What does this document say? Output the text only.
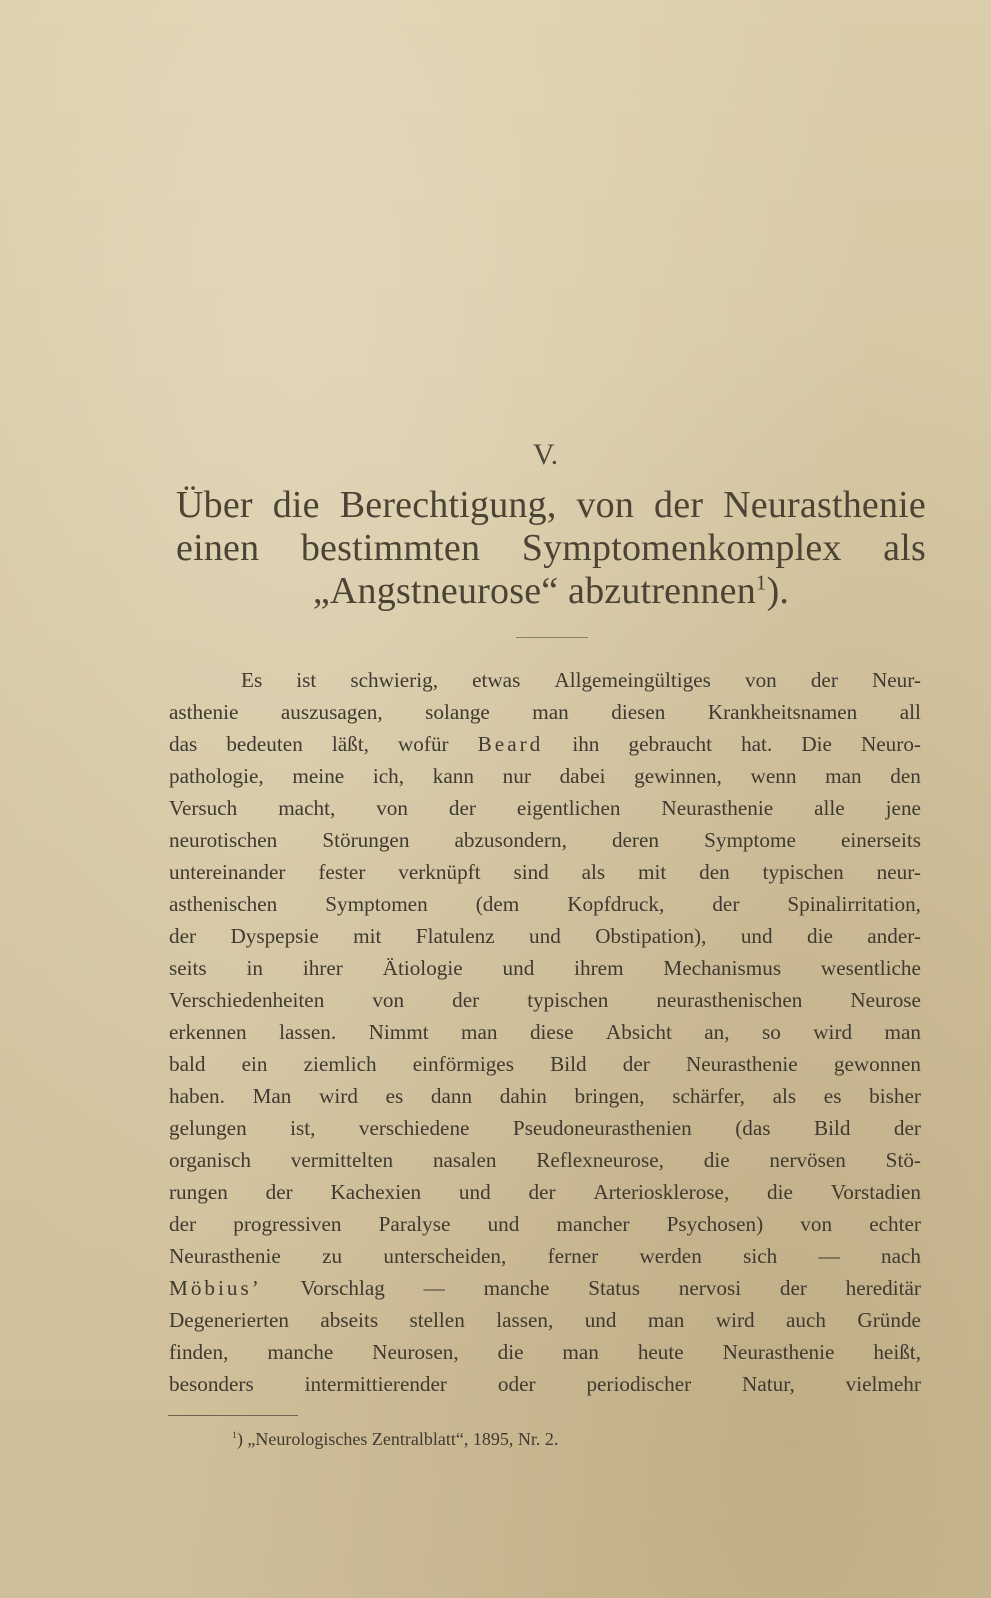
V.
Über die Berechtigung, von der Neurasthenie
einen bestimmten Symptomenkomplex als
„Angstneurose“ abzutrennen$^1$).
Es ist schwierig, etwas Allgemeingültiges von der Neur-
asthenie auszusagen, solange man diesen Krankheitsnamen all
das bedeuten läßt, wofür Beard ihn gebraucht hat. Die Neuro-
pathologie, meine ich, kann nur dabei gewinnen, wenn man den
Versuch macht, von der eigentlichen Neurasthenie alle jene
neurotischen Störungen abzusondern, deren Symptome einerseits
untereinander fester verknüpft sind als mit den typischen neur-
asthenischen Symptomen (dem Kopfdruck, der Spinalirritation,
der Dyspepsie mit Flatulenz und Obstipation), und die ander-
seits in ihrer Ätiologie und ihrem Mechanismus wesentliche
Verschiedenheiten von der typischen neurasthenischen Neurose
erkennen lassen. Nimmt man diese Absicht an, so wird man
bald ein ziemlich einförmiges Bild der Neurasthenie gewonnen
haben. Man wird es dann dahin bringen, schärfer, als es bisher
gelungen ist, verschiedene Pseudoneurasthenien (das Bild der
organisch vermittelten nasalen Reflexneurose, die nervösen Stö-
rungen der Kachexien und der Arteriosklerose, die Vorstadien
der progressiven Paralyse und mancher Psychosen) von echter
Neurasthenie zu unterscheiden, ferner werden sich — nach
Möbius’ Vorschlag — manche Status nervosi der hereditär
Degenerierten abseits stellen lassen, und man wird auch Gründe
finden, manche Neurosen, die man heute Neurasthenie heißt,
besonders intermittierender oder periodischer Natur, vielmehr
$^1$) „Neurologisches Zentralblatt“, 1895, Nr. 2.
